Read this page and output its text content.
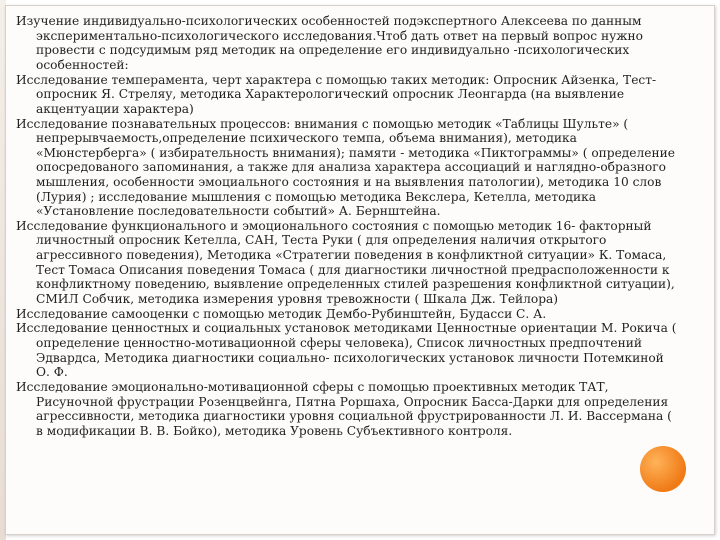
Изучение индивидуально-психологических особенностей подэкспертного Алексеева по данным экспериментально-психологического исследования.Чтоб дать ответ на первый вопрос нужно провести с подсудимым ряд методик на определение его индивидуально -психологических особенностей:

Исследование темперамента, черт характера с помощью таких методик: Опросник Айзенка, Тест-опросник Я. Стреляу, методика Характерологический опросник Леонгарда (на выявление акцентуации характера)

Исследование познавательных процессов: внимания с помощью методик «Таблицы Шульте» ( непрерывчаемость,определение психического темпа, объема внимания), методика «Мюнстерберга» ( избирательность внимания); памяти - методика «Пиктограммы» ( определение опосредованого запоминания, а также для анализа характера ассоциаций и наглядно-образного мышления, особенности эмоциального состояния и на выявления патологии), методика 10 слов (Лурия) ; исследование мышления с помощью методика Векслера, Кетелла, методика «Установление последовательности событий» А. Бернштейна.

Исследование функционального и эмоционального состояния с помощью методик 16- факторный личностный опросник Кетелла, САН, Теста Руки ( для определения наличия открытого агрессивного поведения), Методика «Стратегии поведения в конфликтной ситуации» К. Томаса, Тест Томаса Описания поведения Томаса ( для диагностики личностной предрасположенности к конфликтному поведению, выявление определенных стилей разрешения конфликтной ситуации), СМИЛ Собчик, методика измерения уровня тревожности ( Шкала Дж. Тейлора)

Исследование самооценки с помощью методик Дембо-Рубинштейн, Будасси С. А.

Исследование ценностных и социальных установок методиками Ценностные ориентации М. Рокича ( определение ценностно-мотивационной сферы человека), Список личностных предпочтений Эдвардса, Методика диагностики социально- психологических установок личности Потемкиной О. Ф.

Исследование эмоционально-мотивационной сферы с помощью проективных методик ТАТ, Рисуночной фрустрации Розенцвейнга, Пятна Роршаха, Опросник Басса-Дарки для определения агрессивности, методика диагностики уровня социальной фрустрированности Л. И. Вассермана ( в модификации В. В. Бойко), методика Уровень Субъективного контроля.
